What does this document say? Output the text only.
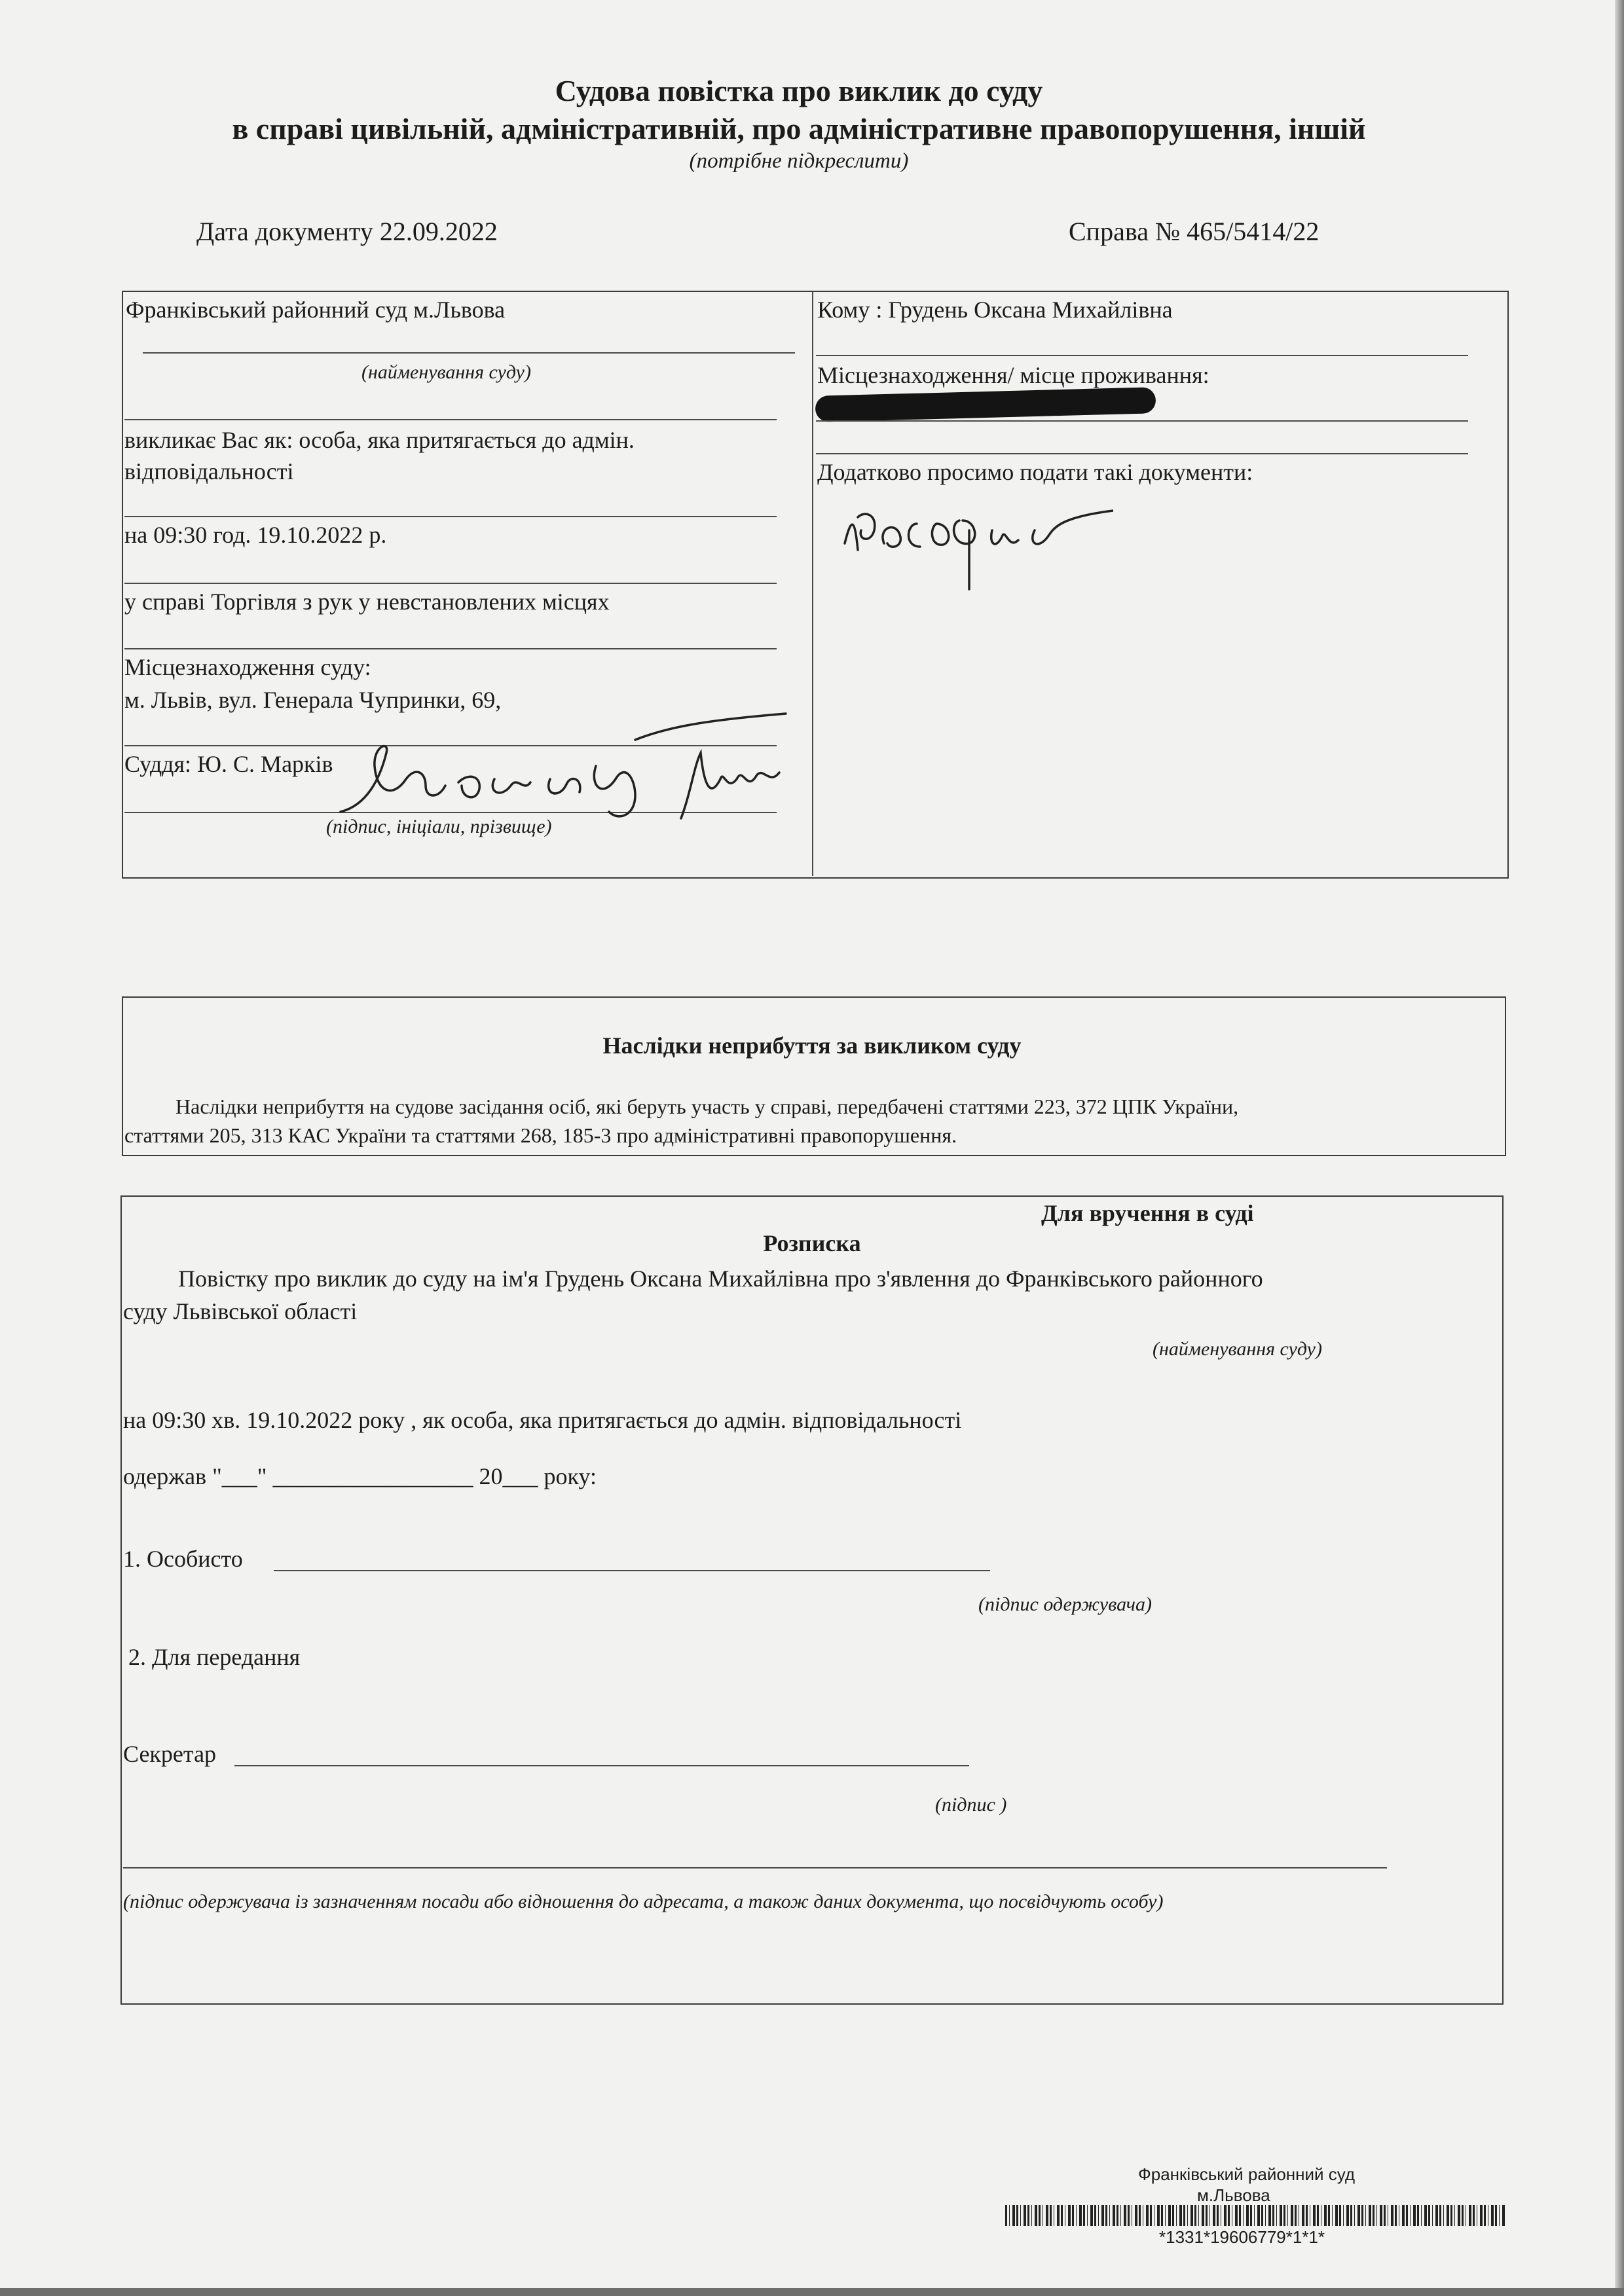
Судова повістка про виклик до суду
в справі цивільній, адміністративній, про адміністративне правопорушення, іншій
(потрібне підкреслити)
Дата документу 22.09.2022	Справа № 465/5414/22
Франківський районний суд м.Львова
(найменування суду)
викликає Вас як: особа, яка притягається до адмін. відповідальності
на 09:30 год. 19.10.2022 р.
у справі Торгівля з рук у невстановлених місцях
Місцезнаходження суду:
м. Львів, вул. Генерала Чупринки, 69,
Суддя: Ю. С. Марків
(підпис, ініціали, прізвище)
Кому : Грудень Оксана Михайлівна
Місцезнаходження/ місце проживання:
Додатково просимо подати такі документи:
Наслідки неприбуття за викликом суду
Наслідки неприбуття на судове засідання осіб, які беруть участь у справі, передбачені статтями 223, 372 ЦПК України,
статтями 205, 313 КАС України та статтями 268, 185-3 про адміністративні правопорушення.
Для вручення в суді
Розписка
Повістку про виклик до суду на ім'я Грудень Оксана Михайлівна про з'явлення до Франківського районного
суду Львівської області
(найменування суду)
на 09:30 хв. 19.10.2022 року , як особа, яка притягається до адмін. відповідальності
одержав "___" _________________ 20___ року:
1. Особисто
(підпис одержувача)
2. Для передання
Секретар
(підпис )
(підпис одержувача із зазначенням посади або відношення до адресата, а також даних документа, що посвідчують особу)
Франківський районний суд
м.Львова
*1331*19606779*1*1*
